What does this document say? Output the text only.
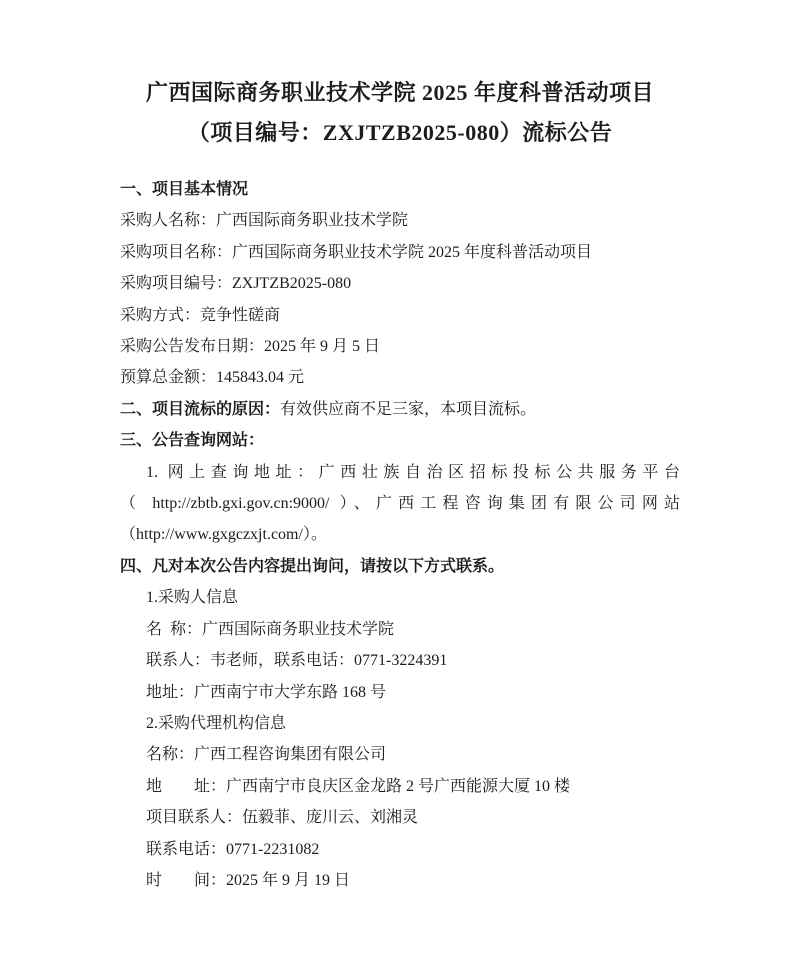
广西国际商务职业技术学院 2025 年度科普活动项目
（项目编号：ZXJTZB2025-080）流标公告

一、项目基本情况

采购人名称：广西国际商务职业技术学院

采购项目名称：广西国际商务职业技术学院 2025 年度科普活动项目

采购项目编号：ZXJTZB2025-080

采购方式：竞争性磋商

采购公告发布日期：2025 年 9 月 5 日

预算总金额：145843.04 元

二、项目流标的原因：有效供应商不足三家，本项目流标。

三、公告查询网站：

1. 网上查询地址：广西壮族自治区招标投标公共服务平台

（ http://zbtb.gxi.gov.cn:9000/ ）、广西工程咨询集团有限公司网站

（http://www.gxgczxjt.com/）。

四、凡对本次公告内容提出询问，请按以下方式联系。

1.采购人信息

名  称：广西国际商务职业技术学院

联系人：韦老师，联系电话：0771-3224391

地址：广西南宁市大学东路 168 号

2.采购代理机构信息

名称：广西工程咨询集团有限公司

地　　址：广西南宁市良庆区金龙路 2 号广西能源大厦 10 楼

项目联系人：伍毅菲、庞川云、刘湘灵

联系电话：0771-2231082

时　　间：2025 年 9 月 19 日
